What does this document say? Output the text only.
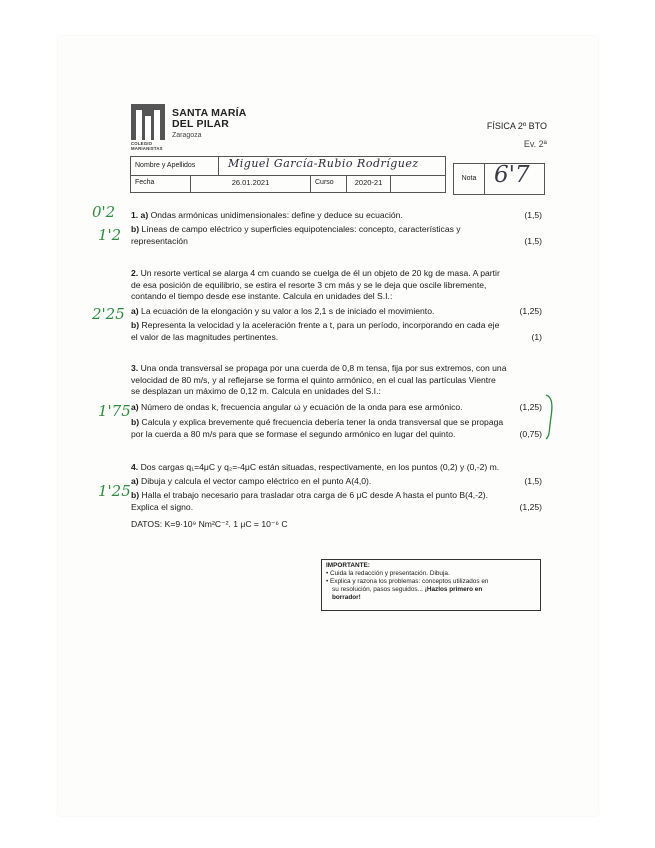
SANTA MARÍA
DEL PILAR
Zaragoza
COLEGIO
MARIANISTAS
FÍSICA 2º BTO
Ev. 2ª
Nombre y Apellidos
Fecha	26.01.2021	Curso	2020-21
Miguel García-Rubio Rodríguez
Nota 6'7
0'2 1. a) Ondas armónicas unidimensionales: define y deduce su ecuación.	(1,5)
1'2 b) Líneas de campo eléctrico y superficies equipotenciales: concepto, características y
representación	(1,5)
2. Un resorte vertical se alarga 4 cm cuando se cuelga de él un objeto de 20 kg de masa. A partir
de esa posición de equilibrio, se estira el resorte 3 cm más y se le deja que oscile libremente,
contando el tiempo desde ese instante. Calcula en unidades del S.I.:
2'25 a) La ecuación de la elongación y su valor a los 2,1 s de iniciado el movimiento.	(1,25)
b) Representa la velocidad y la aceleración frente a t, para un período, incorporando en cada eje
el valor de las magnitudes pertinentes.	(1)
3. Una onda transversal se propaga por una cuerda de 0,8 m tensa, fija por sus extremos, con una
velocidad de 80 m/s, y al reflejarse se forma el quinto armónico, en el cual las partículas Vientre
se desplazan un máximo de 0,12 m. Calcula en unidades del S.I.:
1'75 a) Número de ondas k, frecuencia angular ω y ecuación de la onda para ese armónico.	(1,25)
b) Calcula y explica brevemente qué frecuencia debería tener la onda transversal que se propaga
por la cuerda a 80 m/s para que se formase el segundo armónico en lugar del quinto.	(0,75)
4. Dos cargas q₁=4μC y q₂=-4μC están situadas, respectivamente, en los puntos (0,2) y (0,-2) m.
1'25
a) Dibuja y calcula el vector campo eléctrico en el punto A(4,0).	(1,5)
b) Halla el trabajo necesario para trasladar otra carga de 6 μC desde A hasta el punto B(4,-2).
Explica el signo.	(1,25)
DATOS: K=9·10⁹ Nm²C⁻². 1 μC = 10⁻⁶ C
IMPORTANTE:
• Cuida la redacción y presentación. Dibuja.
• Explica y razona los problemas: conceptos utilizados en
su resolución, pasos seguidos... ¡Hazlos primero en
borrador!
